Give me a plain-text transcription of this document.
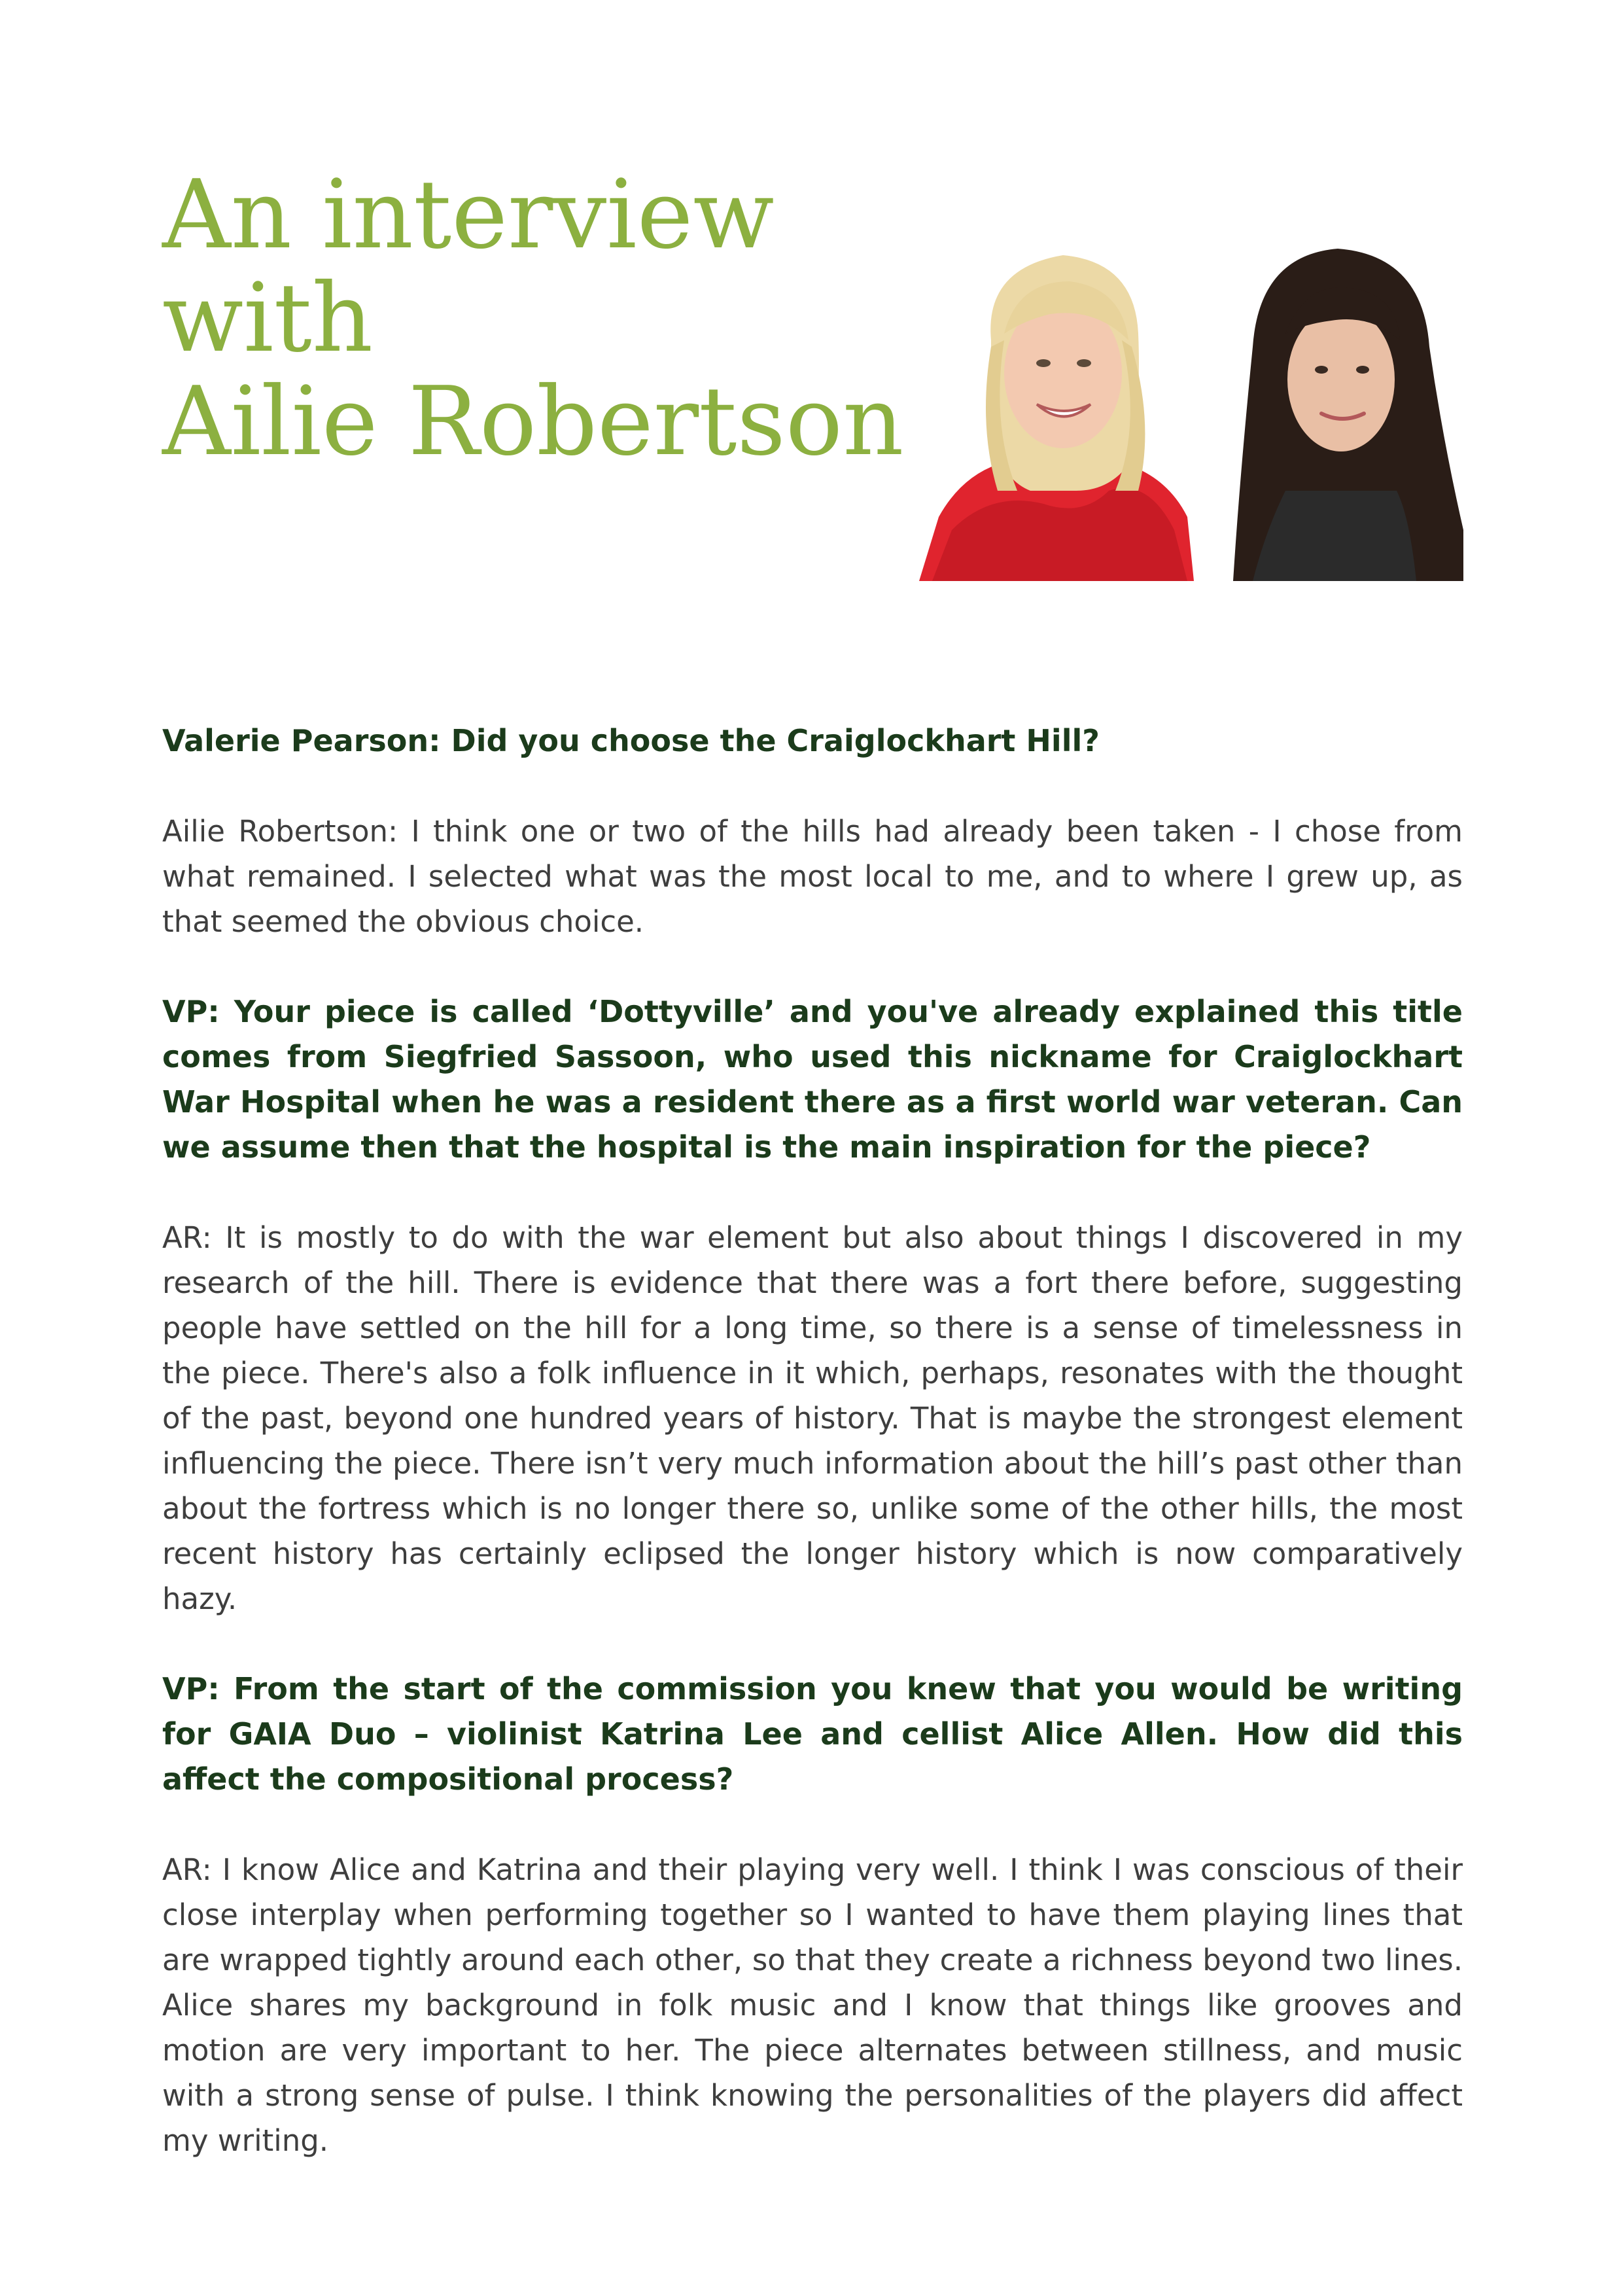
An interview with
Ailie Robertson

Valerie Pearson: Did you choose the Craiglockhart Hill?

Ailie Robertson: I think one or two of the hills had already been taken - I chose from what remained. I selected what was the most local to me, and to where I grew up, as that seemed the obvious choice.

VP: Your piece is called ‘Dottyville’ and you've already explained this title comes from Siegfried Sassoon, who used this nickname for Craiglockhart War Hospital when he was a resident there as a first world war veteran. Can we assume then that the hospital is the main inspiration for the piece?

AR: It is mostly to do with the war element but also about things I discovered in my research of the hill. There is evidence that there was a fort there before, suggesting people have settled on the hill for a long time, so there is a sense of timelessness in the piece. There's also a folk influence in it which, perhaps, resonates with the thought of the past, beyond one hundred years of history. That is maybe the strongest element influencing the piece. There isn’t very much information about the hill’s past other than about the fortress which is no longer there so, unlike some of the other hills, the most recent history has certainly eclipsed the longer history which is now comparatively hazy.

VP: From the start of the commission you knew that you would be writing for GAIA Duo – violinist Katrina Lee and cellist Alice Allen. How did this affect the compositional process?

AR: I know Alice and Katrina and their playing very well. I think I was conscious of their close interplay when performing together so I wanted to have them playing lines that are wrapped tightly around each other, so that they create a richness beyond two lines. Alice shares my background in folk music and I know that things like grooves and motion are very important to her. The piece alternates between stillness, and music with a strong sense of pulse. I think knowing the personalities of the players did affect my writing.
